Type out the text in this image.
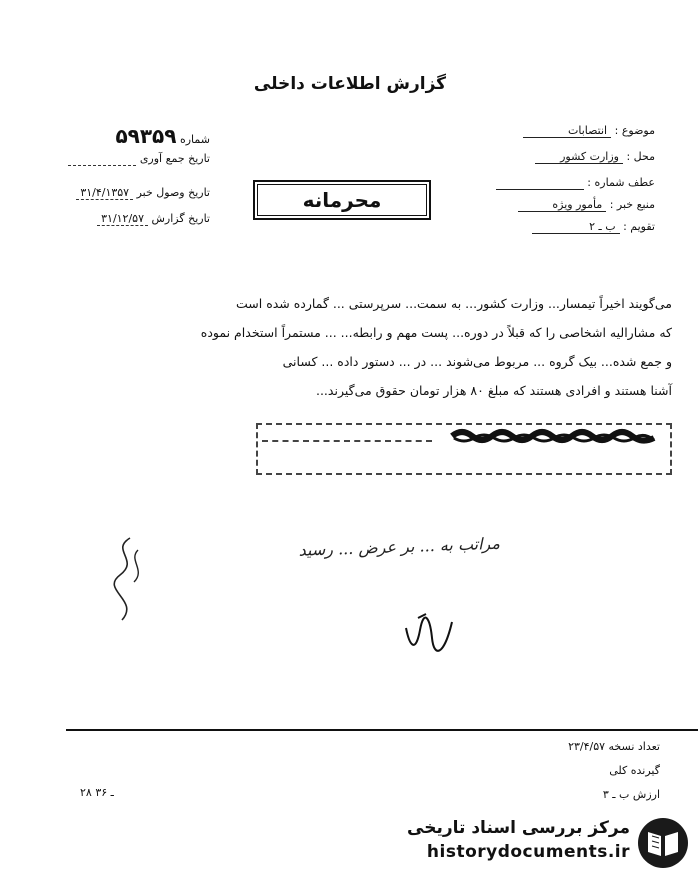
گزارش اطلاعات داخلی
شماره ۵۹۳۵۹
تاریخ جمع آوری
تاریخ وصول خبر ۳۱/۴/۱۳۵۷
تاریخ گزارش ۳۱/۱۲/۵۷
موضوع : انتصابات
محل : وزارت کشور
عطف شماره :
منبع خبر : مأمور ویژه
تقویم : ب ـ ۲
محرمانه

می‌گویند اخیراً تیمسار... وزارت کشور... به سمت... سرپرستی ... گمارده شده است

که مشارالیه اشخاصی را که قبلاً در دوره... پست مهم و رابطه... ... مستمراً استخدام نموده

و جمع شده... بیک گروه ... مربوط می‌شوند ... در ... دستور داده ... کسانی

آشنا هستند و افرادی هستند که مبلغ ۸۰ هزار تومان حقوق می‌گیرند...

مراتب به ... بر عرض ... رسید
تعداد نسخه ۲۳/۴/۵۷
گیرنده کلی
ارزش ب ـ ۳
۲۸ ـ ۳۶
مرکز بررسی اسناد تاریخی
historydocuments.ir
